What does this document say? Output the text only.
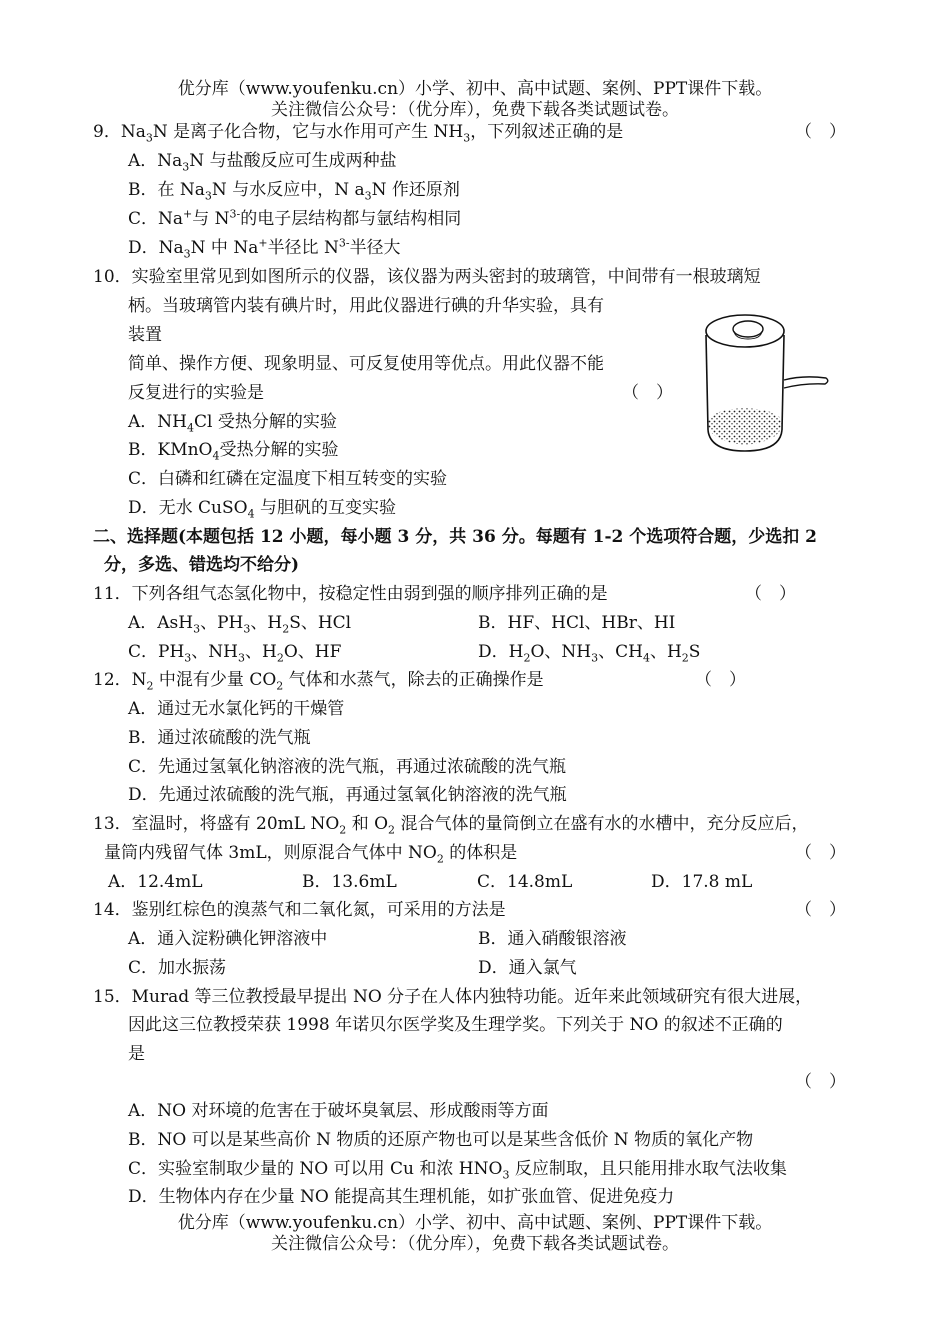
优分库（www.youfenku.cn）小学、初中、高中试题、案例、PPT课件下载。
关注微信公众号：（优分库），免费下载各类试题试卷。
9．$Na_3N$ 是离子化合物，它与水作用可产生 $NH_3$，下列叙述正确的是	（　）
A．$Na_3N$ 与盐酸反应可生成两种盐
B．在 $Na_3N$ 与水反应中，N $a_3N$ 作还原剂
C．Na+与 $N^{3-}$的电子层结构都与氩结构相同
D．$Na_3N$ 中 Na+半径比 $N^{3-}$半径大
10．实验室里常见到如图所示的仪器，该仪器为两头密封的玻璃管，中间带有一根玻璃短
柄。当玻璃管内装有碘片时，用此仪器进行碘的升华实验，具有
装置
简单、操作方便、现象明显、可反复使用等优点。用此仪器不能
反复进行的实验是	（　）
A．$NH_4Cl$ 受热分解的实验
B．KMnO$_4$受热分解的实验
C．白磷和红磷在定温度下相互转变的实验
D．无水 CuSO$_4$ 与胆矾的互变实验
二、选择题(本题包括 12 小题，每小题 3 分，共 36 分。每题有 1-2 个选项符合题，少选扣 2
分，多选、错选均不给分)
11．下列各组气态氢化物中，按稳定性由弱到强的顺序排列正确的是	（　）
A．AsH$_3$、$PH_3$、$H_2S$、HCl	B．HF、HCl、HBr、HI
C．$PH_3$、$NH_3$、$H_2O$、HF	D．$H_2O$、$NH_3$、$CH_4$、$H_2S$
12．$N_2$ 中混有少量 $CO_2$ 气体和水蒸气，除去的正确操作是	（　）
A．通过无水氯化钙的干燥管
B．通过浓硫酸的洗气瓶
C．先通过氢氧化钠溶液的洗气瓶，再通过浓硫酸的洗气瓶
D．先通过浓硫酸的洗气瓶，再通过氢氧化钠溶液的洗气瓶
13．室温时，将盛有 20mL $NO_2$ 和 $O_2$ 混合气体的量筒倒立在盛有水的水槽中，充分反应后，
量筒内残留气体 3mL，则原混合气体中 $NO_2$ 的体积是	（　）
A．12.4mL	B．13.6mL	C．14.8mL	D．17.8 mL
14．鉴别红棕色的溴蒸气和二氧化氮，可采用的方法是	（　）
A．通入淀粉碘化钾溶液中	B．通入硝酸银溶液
C．加水振荡	D．通入氯气
15．Murad 等三位教授最早提出 NO 分子在人体内独特功能。近年来此领域研究有很大进展，
因此这三位教授荣获 1998 年诺贝尔医学奖及生理学奖。下列关于 NO 的叙述不正确的
是
（　）
A．NO 对环境的危害在于破坏臭氧层、形成酸雨等方面
B．NO 可以是某些高价 N 物质的还原产物也可以是某些含低价 N 物质的氧化产物
C．实验室制取少量的 NO 可以用 Cu 和浓 $HNO_3$ 反应制取，且只能用排水取气法收集
D．生物体内存在少量 NO 能提高其生理机能，如扩张血管、促进免疫力
优分库（www.youfenku.cn）小学、初中、高中试题、案例、PPT课件下载。
关注微信公众号：（优分库），免费下载各类试题试卷。
